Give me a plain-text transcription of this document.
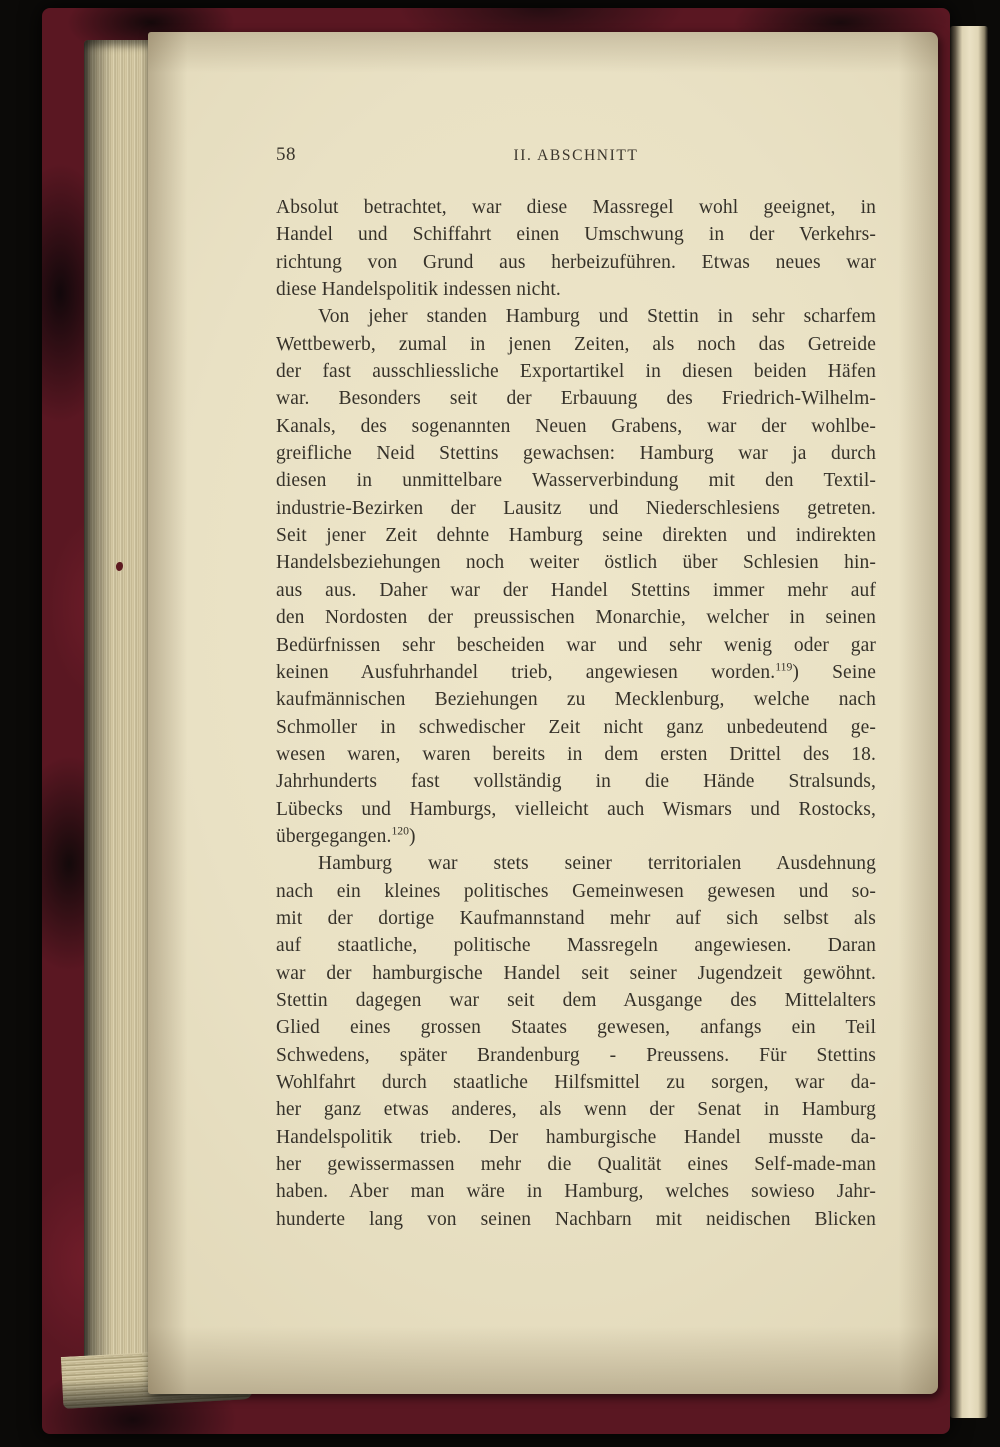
58	II. ABSCHNITT
Absolut betrachtet, war diese Massregel wohl geeignet, in
Handel und Schiffahrt einen Umschwung in der Verkehrs-
richtung von Grund aus herbeizuführen. Etwas neues war
diese Handelspolitik indessen nicht.
Von jeher standen Hamburg und Stettin in sehr scharfem
Wettbewerb, zumal in jenen Zeiten, als noch das Getreide
der fast ausschliessliche Exportartikel in diesen beiden Häfen
war. Besonders seit der Erbauung des Friedrich-Wilhelm-
Kanals, des sogenannten Neuen Grabens, war der wohlbe-
greifliche Neid Stettins gewachsen: Hamburg war ja durch
diesen in unmittelbare Wasserverbindung mit den Textil-
industrie-Bezirken der Lausitz und Niederschlesiens getreten.
Seit jener Zeit dehnte Hamburg seine direkten und indirekten
Handelsbeziehungen noch weiter östlich über Schlesien hin-
aus aus. Daher war der Handel Stettins immer mehr auf
den Nordosten der preussischen Monarchie, welcher in seinen
Bedürfnissen sehr bescheiden war und sehr wenig oder gar
keinen Ausfuhrhandel trieb, angewiesen worden.$^{119}$) Seine
kaufmännischen Beziehungen zu Mecklenburg, welche nach
Schmoller in schwedischer Zeit nicht ganz unbedeutend ge-
wesen waren, waren bereits in dem ersten Drittel des 18.
Jahrhunderts fast vollständig in die Hände Stralsunds,
Lübecks und Hamburgs, vielleicht auch Wismars und Rostocks,
übergegangen.$^{120}$)
Hamburg war stets seiner territorialen Ausdehnung
nach ein kleines politisches Gemeinwesen gewesen und so-
mit der dortige Kaufmannstand mehr auf sich selbst als
auf staatliche, politische Massregeln angewiesen. Daran
war der hamburgische Handel seit seiner Jugendzeit gewöhnt.
Stettin dagegen war seit dem Ausgange des Mittelalters
Glied eines grossen Staates gewesen, anfangs ein Teil
Schwedens, später Brandenburg - Preussens. Für Stettins
Wohlfahrt durch staatliche Hilfsmittel zu sorgen, war da-
her ganz etwas anderes, als wenn der Senat in Hamburg
Handelspolitik trieb. Der hamburgische Handel musste da-
her gewissermassen mehr die Qualität eines Self-made-man
haben. Aber man wäre in Hamburg, welches sowieso Jahr-
hunderte lang von seinen Nachbarn mit neidischen Blicken
